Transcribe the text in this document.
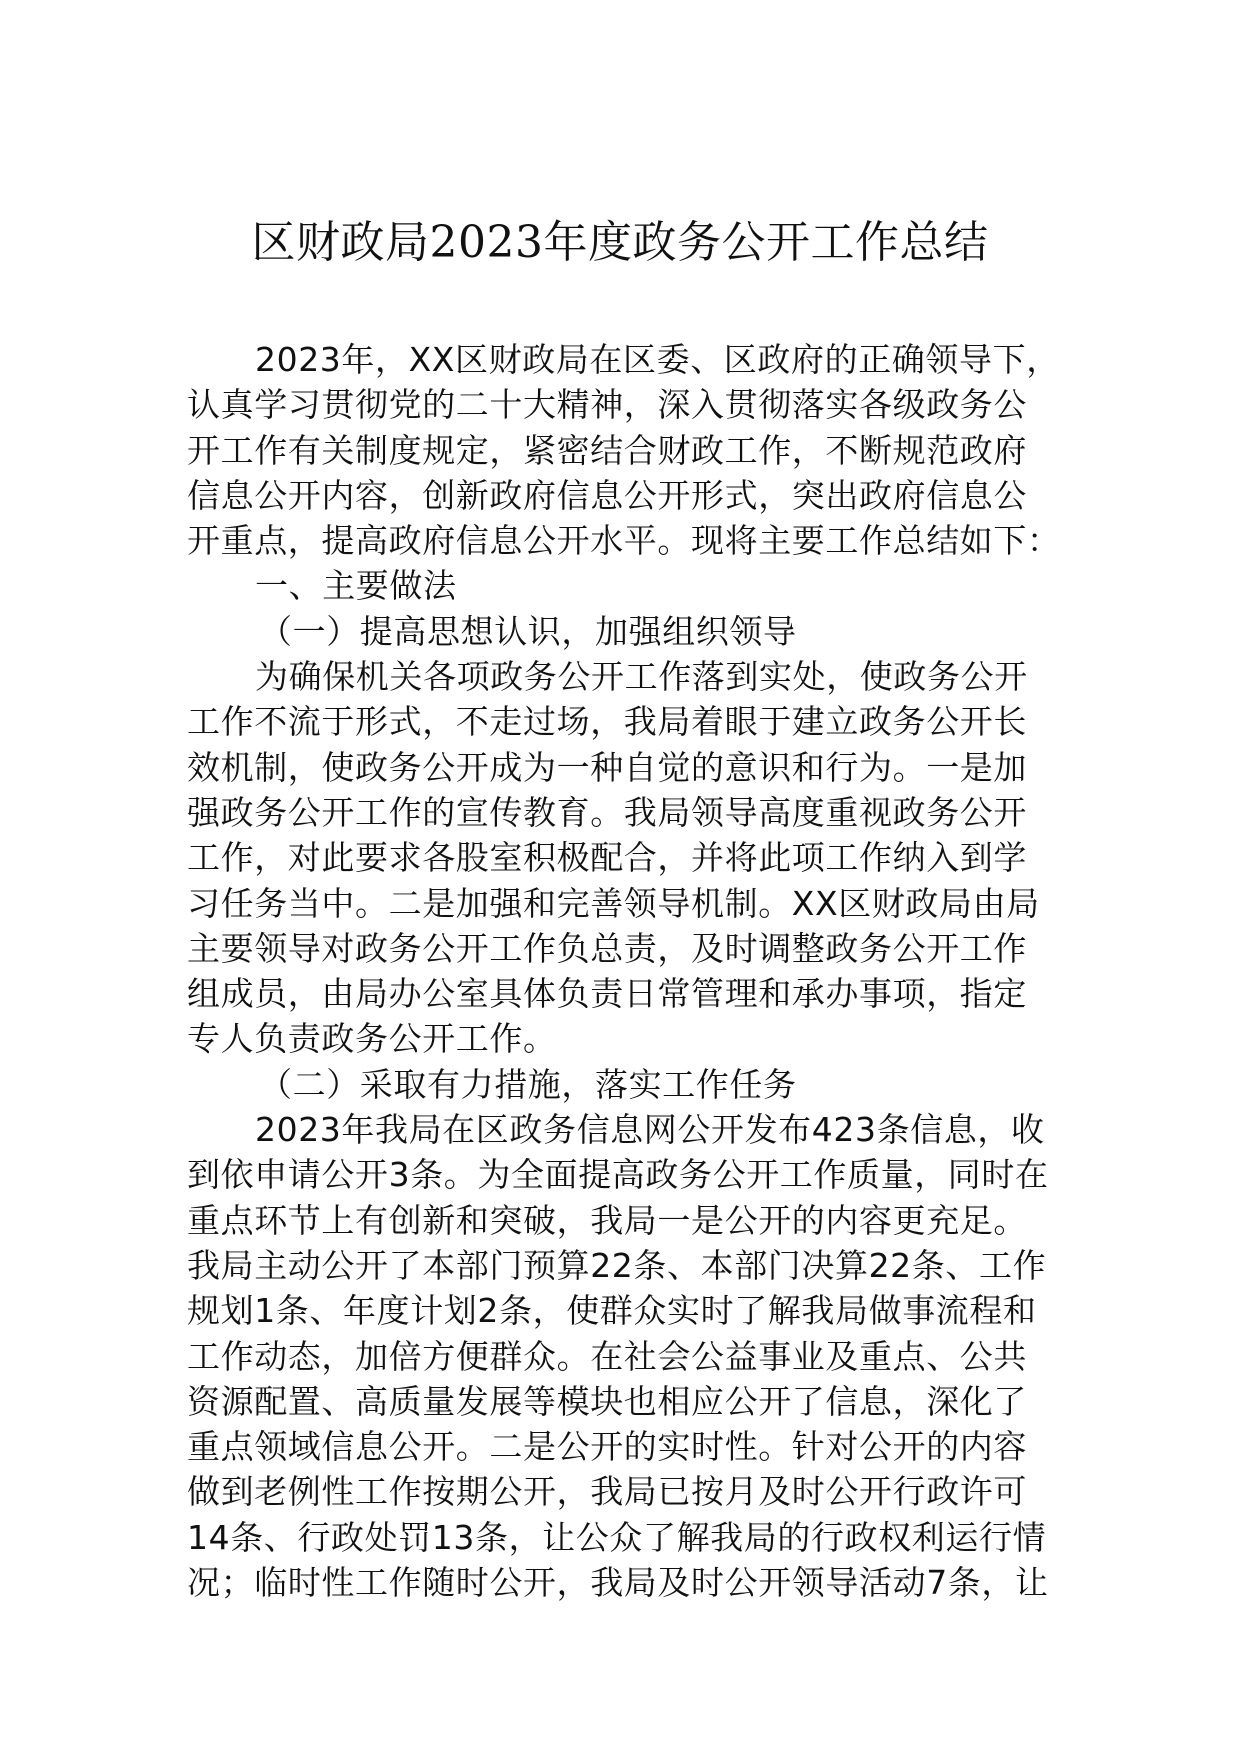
区财政局2023年度政务公开工作总结
2023年，XX区财政局在区委、区政府的正确领导下，
认真学习贯彻党的二十大精神，深入贯彻落实各级政务公
开工作有关制度规定，紧密结合财政工作，不断规范政府
信息公开内容，创新政府信息公开形式，突出政府信息公
开重点，提高政府信息公开水平。现将主要工作总结如下：
一、主要做法
（一）提高思想认识，加强组织领导
为确保机关各项政务公开工作落到实处，使政务公开
工作不流于形式，不走过场，我局着眼于建立政务公开长
效机制，使政务公开成为一种自觉的意识和行为。一是加
强政务公开工作的宣传教育。我局领导高度重视政务公开
工作，对此要求各股室积极配合，并将此项工作纳入到学
习任务当中。二是加强和完善领导机制。XX区财政局由局
主要领导对政务公开工作负总责，及时调整政务公开工作
组成员，由局办公室具体负责日常管理和承办事项，指定
专人负责政务公开工作。
（二）采取有力措施，落实工作任务
2023年我局在区政务信息网公开发布423条信息，收
到依申请公开3条。为全面提高政务公开工作质量，同时在
重点环节上有创新和突破，我局一是公开的内容更充足。
我局主动公开了本部门预算22条、本部门决算22条、工作
规划1条、年度计划2条，使群众实时了解我局做事流程和
工作动态，加倍方便群众。在社会公益事业及重点、公共
资源配置、高质量发展等模块也相应公开了信息，深化了
重点领域信息公开。二是公开的实时性。针对公开的内容
做到老例性工作按期公开，我局已按月及时公开行政许可
14条、行政处罚13条，让公众了解我局的行政权利运行情
况；临时性工作随时公开，我局及时公开领导活动7条，让
